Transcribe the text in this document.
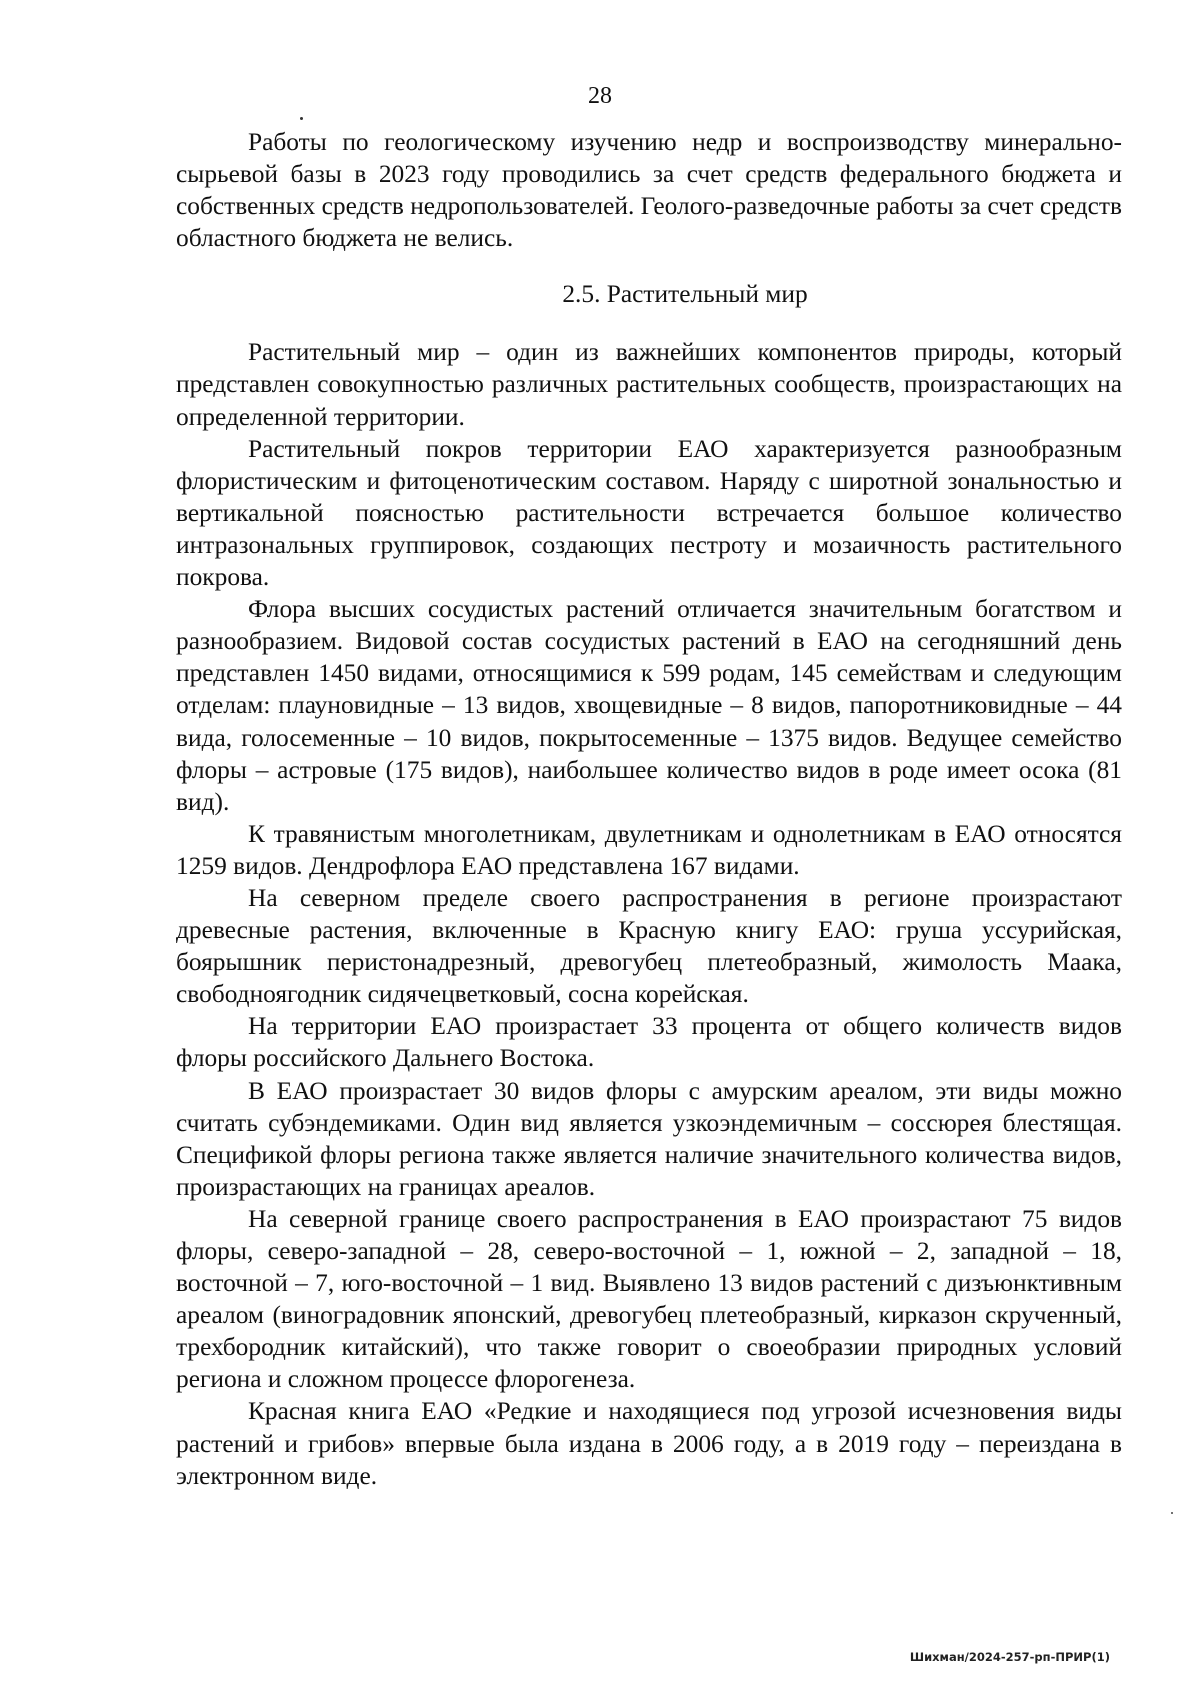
28

Работы по геологическому изучению недр и воспроизводству минерально-сырьевой базы в 2023 году проводились за счет средств федерального бюджета и собственных средств недропользователей. Геолого-разведочные работы за счет средств областного бюджета не велись.

2.5. Растительный мир

Растительный мир – один из важнейших компонентов природы, который представлен совокупностью различных растительных сообществ, произрастающих на определенной территории.

Растительный покров территории ЕАО характеризуется разнообразным флористическим и фитоценотическим составом. Наряду с широтной зональностью и вертикальной поясностью растительности встречается большое количество интразональных группировок, создающих пестроту и мозаичность растительного покрова.

Флора высших сосудистых растений отличается значительным богатством и разнообразием. Видовой состав сосудистых растений в ЕАО на сегодняшний день представлен 1450 видами, относящимися к 599 родам, 145 семействам и следующим отделам: плауновидные – 13 видов, хвощевидные – 8 видов, папоротниковидные – 44 вида, голосеменные – 10 видов, покрытосеменные – 1375 видов. Ведущее семейство флоры – астровые (175 видов), наибольшее количество видов в роде имеет осока (81 вид).

К травянистым многолетникам, двулетникам и однолетникам в ЕАО относятся 1259 видов. Дендрофлора ЕАО представлена 167 видами.

На северном пределе своего распространения в регионе произрастают древесные растения, включенные в Красную книгу ЕАО: груша уссурийская, боярышник перистонадрезный, древогубец плетеобразный, жимолость Маака, свободноягодник сидячецветковый, сосна корейская.

На территории ЕАО произрастает 33 процента от общего количеств видов флоры российского Дальнего Востока.

В ЕАО произрастает 30 видов флоры с амурским ареалом, эти виды можно считать субэндемиками. Один вид является узкоэндемичным – соссюрея блестящая. Спецификой флоры региона также является наличие значительного количества видов, произрастающих на границах ареалов.

На северной границе своего распространения в ЕАО произрастают 75 видов флоры, северо-западной – 28, северо-восточной – 1, южной – 2, западной – 18, восточной – 7, юго-восточной – 1 вид. Выявлено 13 видов растений с дизъюнктивным ареалом (виноградовник японский, древогубец плетеобразный, кирказон скрученный, трехбородник китайский), что также говорит о своеобразии природных условий региона и сложном процессе флорогенеза.

Красная книга ЕАО «Редкие и находящиеся под угрозой исчезновения виды растений и грибов» впервые была издана в 2006 году, а в 2019 году – переиздана в электронном виде.

Шихман/2024-257-рп-ПРИР(1)
